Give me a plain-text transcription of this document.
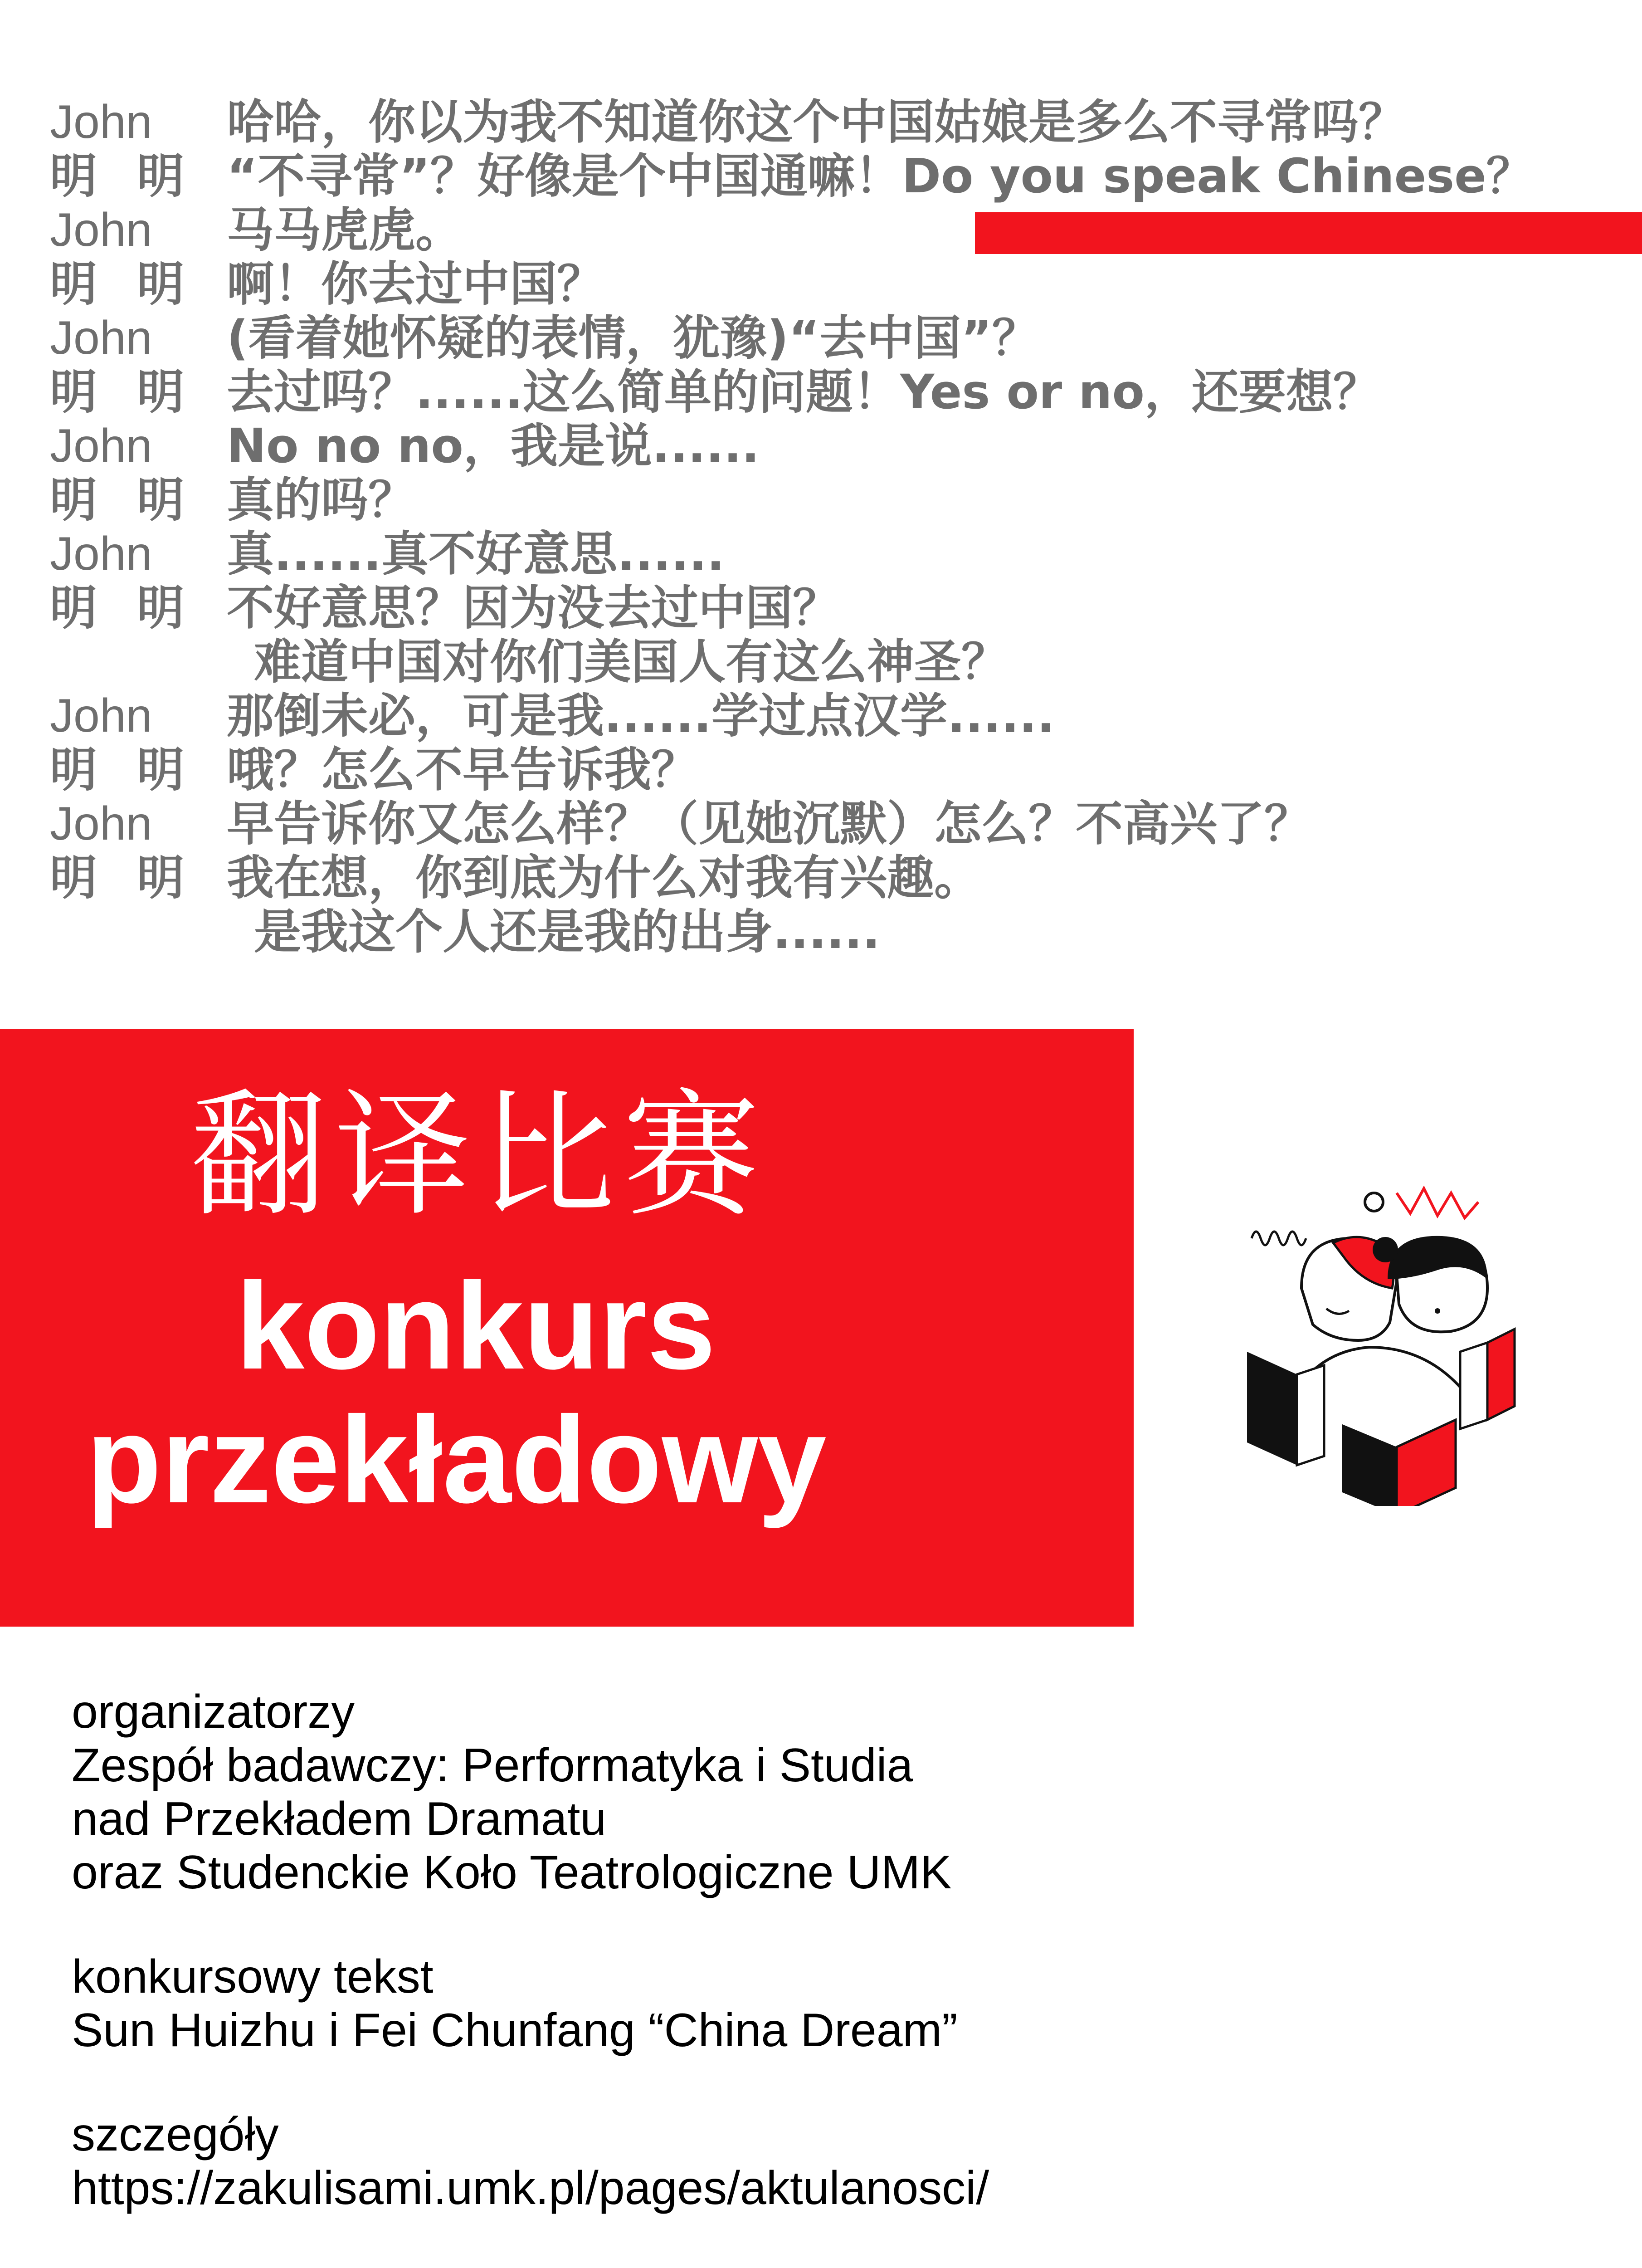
John 哈哈，你以为我不知道你这个中国姑娘是多么不寻常吗？
明 明 “不寻常”？好像是个中国通嘛！Do you speak Chinese？
John 马马虎虎。
明 明 啊！你去过中国？
John (看着她怀疑的表情，犹豫)“去中国”？
明 明 去过吗？......这么简单的问题！Yes or no，还要想？
John No no no，我是说......
明 明 真的吗？
John 真......真不好意思......
明 明 不好意思？因为没去过中国？
难道中国对你们美国人有这么神圣？
John 那倒未必，可是我......学过点汉学......
明 明 哦？怎么不早告诉我？
John 早告诉你又怎么样？（见她沉默）怎么？不高兴了？
明 明 我在想，你到底为什么对我有兴趣。
是我这个人还是我的出身......
翻译比赛
konkurs
przekładowy
organizatorzy
Zespół badawczy: Performatyka i Studia
nad Przekładem Dramatu
oraz Studenckie Koło Teatrologiczne UMK
konkursowy tekst
Sun Huizhu i Fei Chunfang “China Dream”
szczegóły
https://zakulisami.umk.pl/pages/aktulanosci/
